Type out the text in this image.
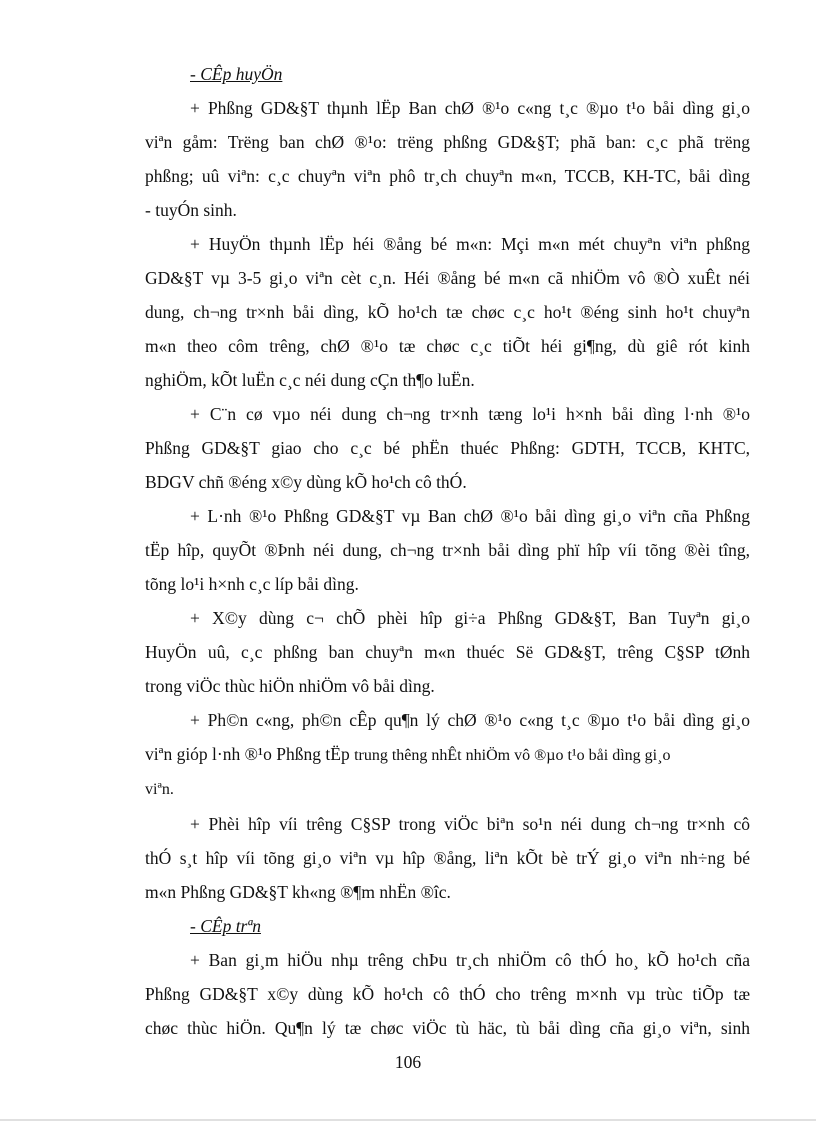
- CÊp huyÖn
+ Phßng GD&§T thµnh lËp Ban chØ ®¹o c«ng t¸c ®µo t¹o båi dìng gi¸o
viªn gåm: Trëng ban chØ ®¹o: trëng phßng GD&§T; phã ban: c¸c phã trëng
phßng; uû viªn: c¸c chuyªn viªn phô tr¸ch chuyªn m«n, TCCB, KH-TC, båi dìng
- tuyÓn sinh.
+ HuyÖn thµnh lËp héi ®ång bé m«n: Mçi m«n mét chuyªn viªn phßng
GD&§T vµ 3-5 gi¸o viªn cèt c¸n. Héi ®ång bé m«n cã nhiÖm vô ®Ò xuÊt néi
dung, ch¬ng tr×nh båi dìng, kÕ ho¹ch tæ chøc c¸c ho¹t ®éng sinh ho¹t chuyªn
m«n theo côm trêng, chØ ®¹o tæ chøc c¸c tiÕt héi gi¶ng, dù giê rót kinh
nghiÖm, kÕt luËn c¸c néi dung cÇn th¶o luËn.
+ C¨n cø vµo néi dung ch¬ng tr×nh tæng lo¹i h×nh båi dìng l·nh ®¹o
Phßng GD&§T giao cho c¸c bé phËn thuéc Phßng: GDTH, TCCB, KHTC,
BDGV chñ ®éng x©y dùng kÕ ho¹ch cô thÓ.
+ L·nh ®¹o Phßng GD&§T vµ Ban chØ ®¹o båi dìng gi¸o viªn cña Phßng
tËp hîp, quyÕt ®Þnh néi dung, ch¬ng tr×nh båi dìng phï hîp víi tõng ®èi tîng,
tõng lo¹i h×nh c¸c líp båi dìng.
+ X©y dùng c¬ chÕ phèi hîp gi÷a Phßng GD&§T, Ban Tuyªn gi¸o
HuyÖn uû, c¸c phßng ban chuyªn m«n thuéc Së GD&§T, trêng C§SP tØnh
trong viÖc thùc hiÖn nhiÖm vô båi dìng.
+ Ph©n c«ng, ph©n cÊp qu¶n lý chØ ®¹o c«ng t¸c ®µo t¹o båi dìng gi¸o
viªn gióp l·nh ®¹o Phßng tËp trung thêng nhÊt nhiÖm vô ®µo t¹o båi dìng gi¸o
viªn.
+ Phèi hîp víi trêng C§SP trong viÖc biªn so¹n néi dung ch¬ng tr×nh cô
thÓ s¸t hîp víi tõng gi¸o viªn vµ hîp ®ång, liªn kÕt bè trÝ gi¸o viªn nh÷ng bé
m«n Phßng GD&§T kh«ng ®¶m nhËn ®îc.
- CÊp trªn
+ Ban gi¸m hiÖu nhµ trêng chÞu tr¸ch nhiÖm cô thÓ ho¸ kÕ ho¹ch cña
Phßng GD&§T x©y dùng kÕ ho¹ch cô thÓ cho trêng m×nh vµ trùc tiÕp tæ
chøc thùc hiÖn. Qu¶n lý tæ chøc viÖc tù häc, tù båi dìng cña gi¸o viªn, sinh
106
